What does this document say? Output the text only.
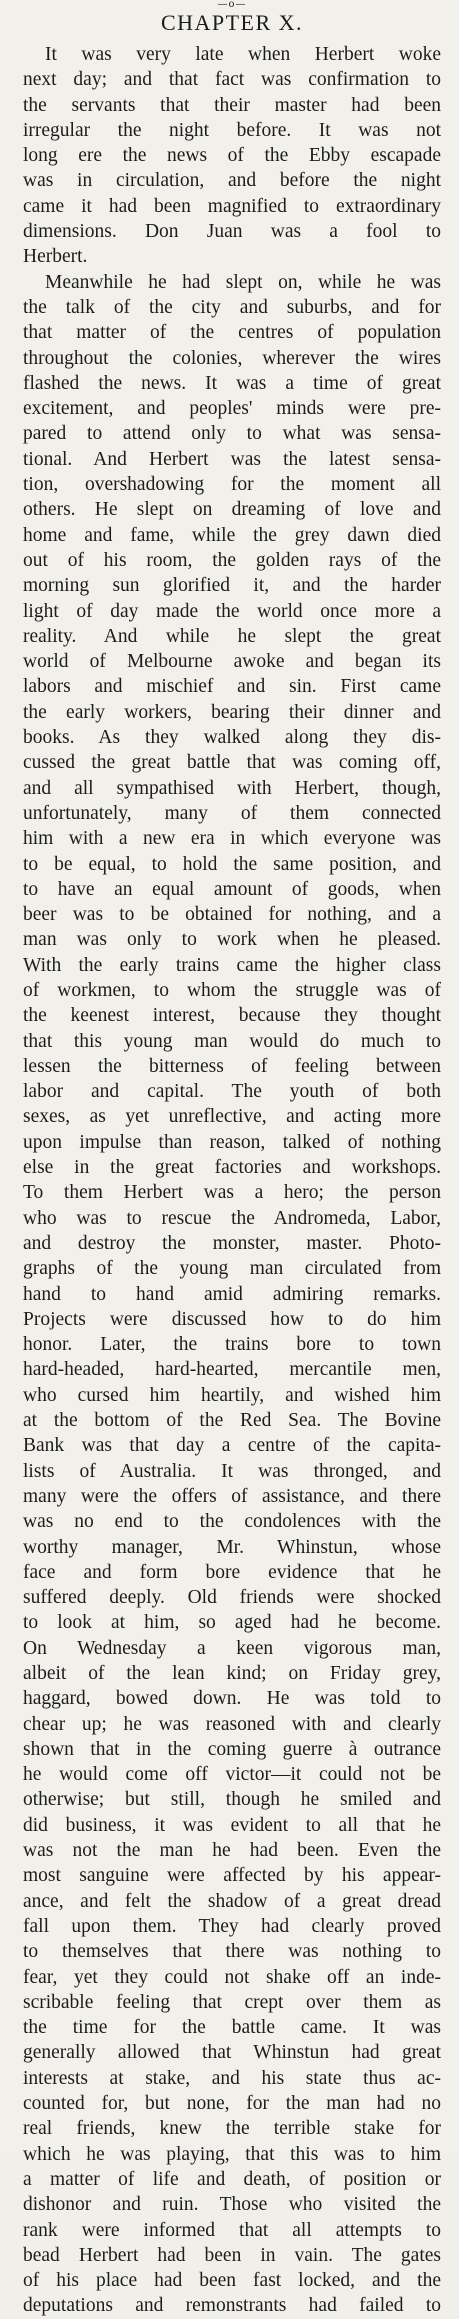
—o—
CHAPTER X.
It was very late when Herbert woke
next day; and that fact was confirmation to
the servants that their master had been
irregular the night before. It was not
long ere the news of the Ebby escapade
was in circulation, and before the night
came it had been magnified to extraordinary
dimensions. Don Juan was a fool to
Herbert.
Meanwhile he had slept on, while he was
the talk of the city and suburbs, and for
that matter of the centres of population
throughout the colonies, wherever the wires
flashed the news. It was a time of great
excitement, and peoples' minds were pre-
pared to attend only to what was sensa-
tional. And Herbert was the latest sensa-
tion, overshadowing for the moment all
others. He slept on dreaming of love and
home and fame, while the grey dawn died
out of his room, the golden rays of the
morning sun glorified it, and the harder
light of day made the world once more a
reality. And while he slept the great
world of Melbourne awoke and began its
labors and mischief and sin. First came
the early workers, bearing their dinner and
books. As they walked along they dis-
cussed the great battle that was coming off,
and all sympathised with Herbert, though,
unfortunately, many of them connected
him with a new era in which everyone was
to be equal, to hold the same position, and
to have an equal amount of goods, when
beer was to be obtained for nothing, and a
man was only to work when he pleased.
With the early trains came the higher class
of workmen, to whom the struggle was of
the keenest interest, because they thought
that this young man would do much to
lessen the bitterness of feeling between
labor and capital. The youth of both
sexes, as yet unreflective, and acting more
upon impulse than reason, talked of nothing
else in the great factories and workshops.
To them Herbert was a hero; the person
who was to rescue the Andromeda, Labor,
and destroy the monster, master. Photo-
graphs of the young man circulated from
hand to hand amid admiring remarks.
Projects were discussed how to do him
honor. Later, the trains bore to town
hard-headed, hard-hearted, mercantile men,
who cursed him heartily, and wished him
at the bottom of the Red Sea. The Bovine
Bank was that day a centre of the capita-
lists of Australia. It was thronged, and
many were the offers of assistance, and there
was no end to the condolences with the
worthy manager, Mr. Whinstun, whose
face and form bore evidence that he
suffered deeply. Old friends were shocked
to look at him, so aged had he become.
On Wednesday a keen vigorous man,
albeit of the lean kind; on Friday grey,
haggard, bowed down. He was told to
chear up; he was reasoned with and clearly
shown that in the coming guerre à outrance
he would come off victor—it could not be
otherwise; but still, though he smiled and
did business, it was evident to all that he
was not the man he had been. Even the
most sanguine were affected by his appear-
ance, and felt the shadow of a great dread
fall upon them. They had clearly proved
to themselves that there was nothing to
fear, yet they could not shake off an inde-
scribable feeling that crept over them as
the time for the battle came. It was
generally allowed that Whinstun had great
interests at stake, and his state thus ac-
counted for, but none, for the man had no
real friends, knew the terrible stake for
which he was playing, that this was to him
a matter of life and death, of position or
dishonor and ruin. Those who visited the
rank were informed that all attempts to
bead Herbert had been in vain. The gates
of his place had been fast locked, and the
deputations and remonstrants had failed to
